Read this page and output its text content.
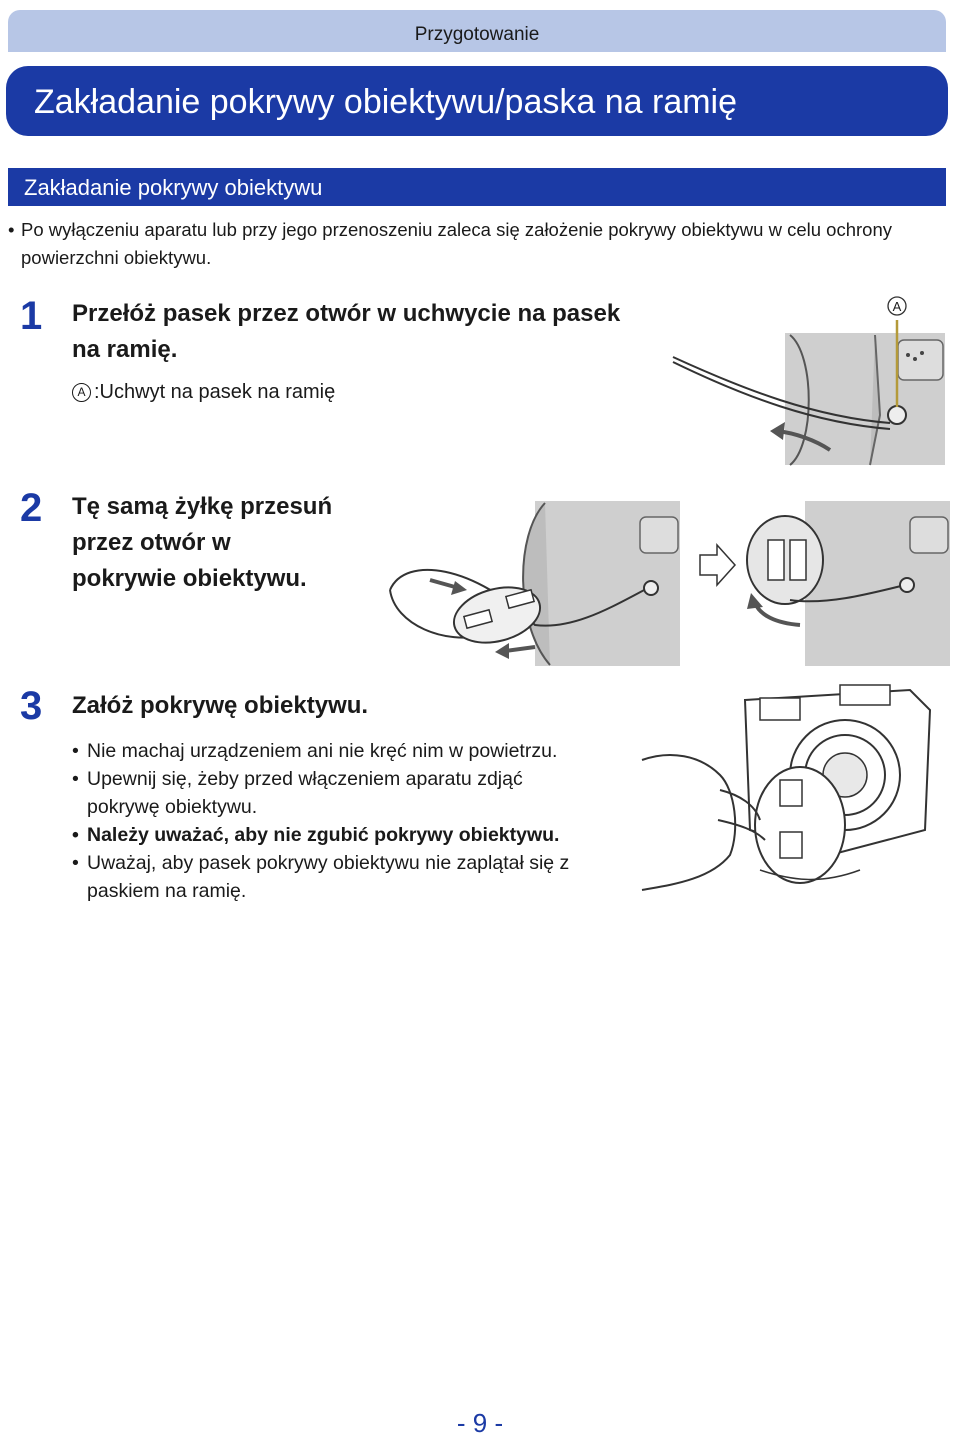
Przygotowanie
Zakładanie pokrywy obiektywu/paska na ramię
Zakładanie pokrywy obiektywu
• Po wyłączeniu aparatu lub przy jego przenoszeniu zaleca się założenie pokrywy obiektywu w celu ochrony powierzchni obiektywu.
1 Przełóż pasek przez otwór w uchwycie na pasek
na ramię.
A :Uchwyt na pasek na ramię
A
2 Tę samą żyłkę przesuń
przez otwór w
pokrywie obiektywu.
3 Załóż pokrywę obiektywu.
• Nie machaj urządzeniem ani nie kręć nim w powietrzu.
• Upewnij się, żeby przed włączeniem aparatu zdjąć
pokrywę obiektywu.
• Należy uważać, aby nie zgubić pokrywy obiektywu.
• Uważaj, aby pasek pokrywy obiektywu nie zaplątał się z
paskiem na ramię.
- 9 -
